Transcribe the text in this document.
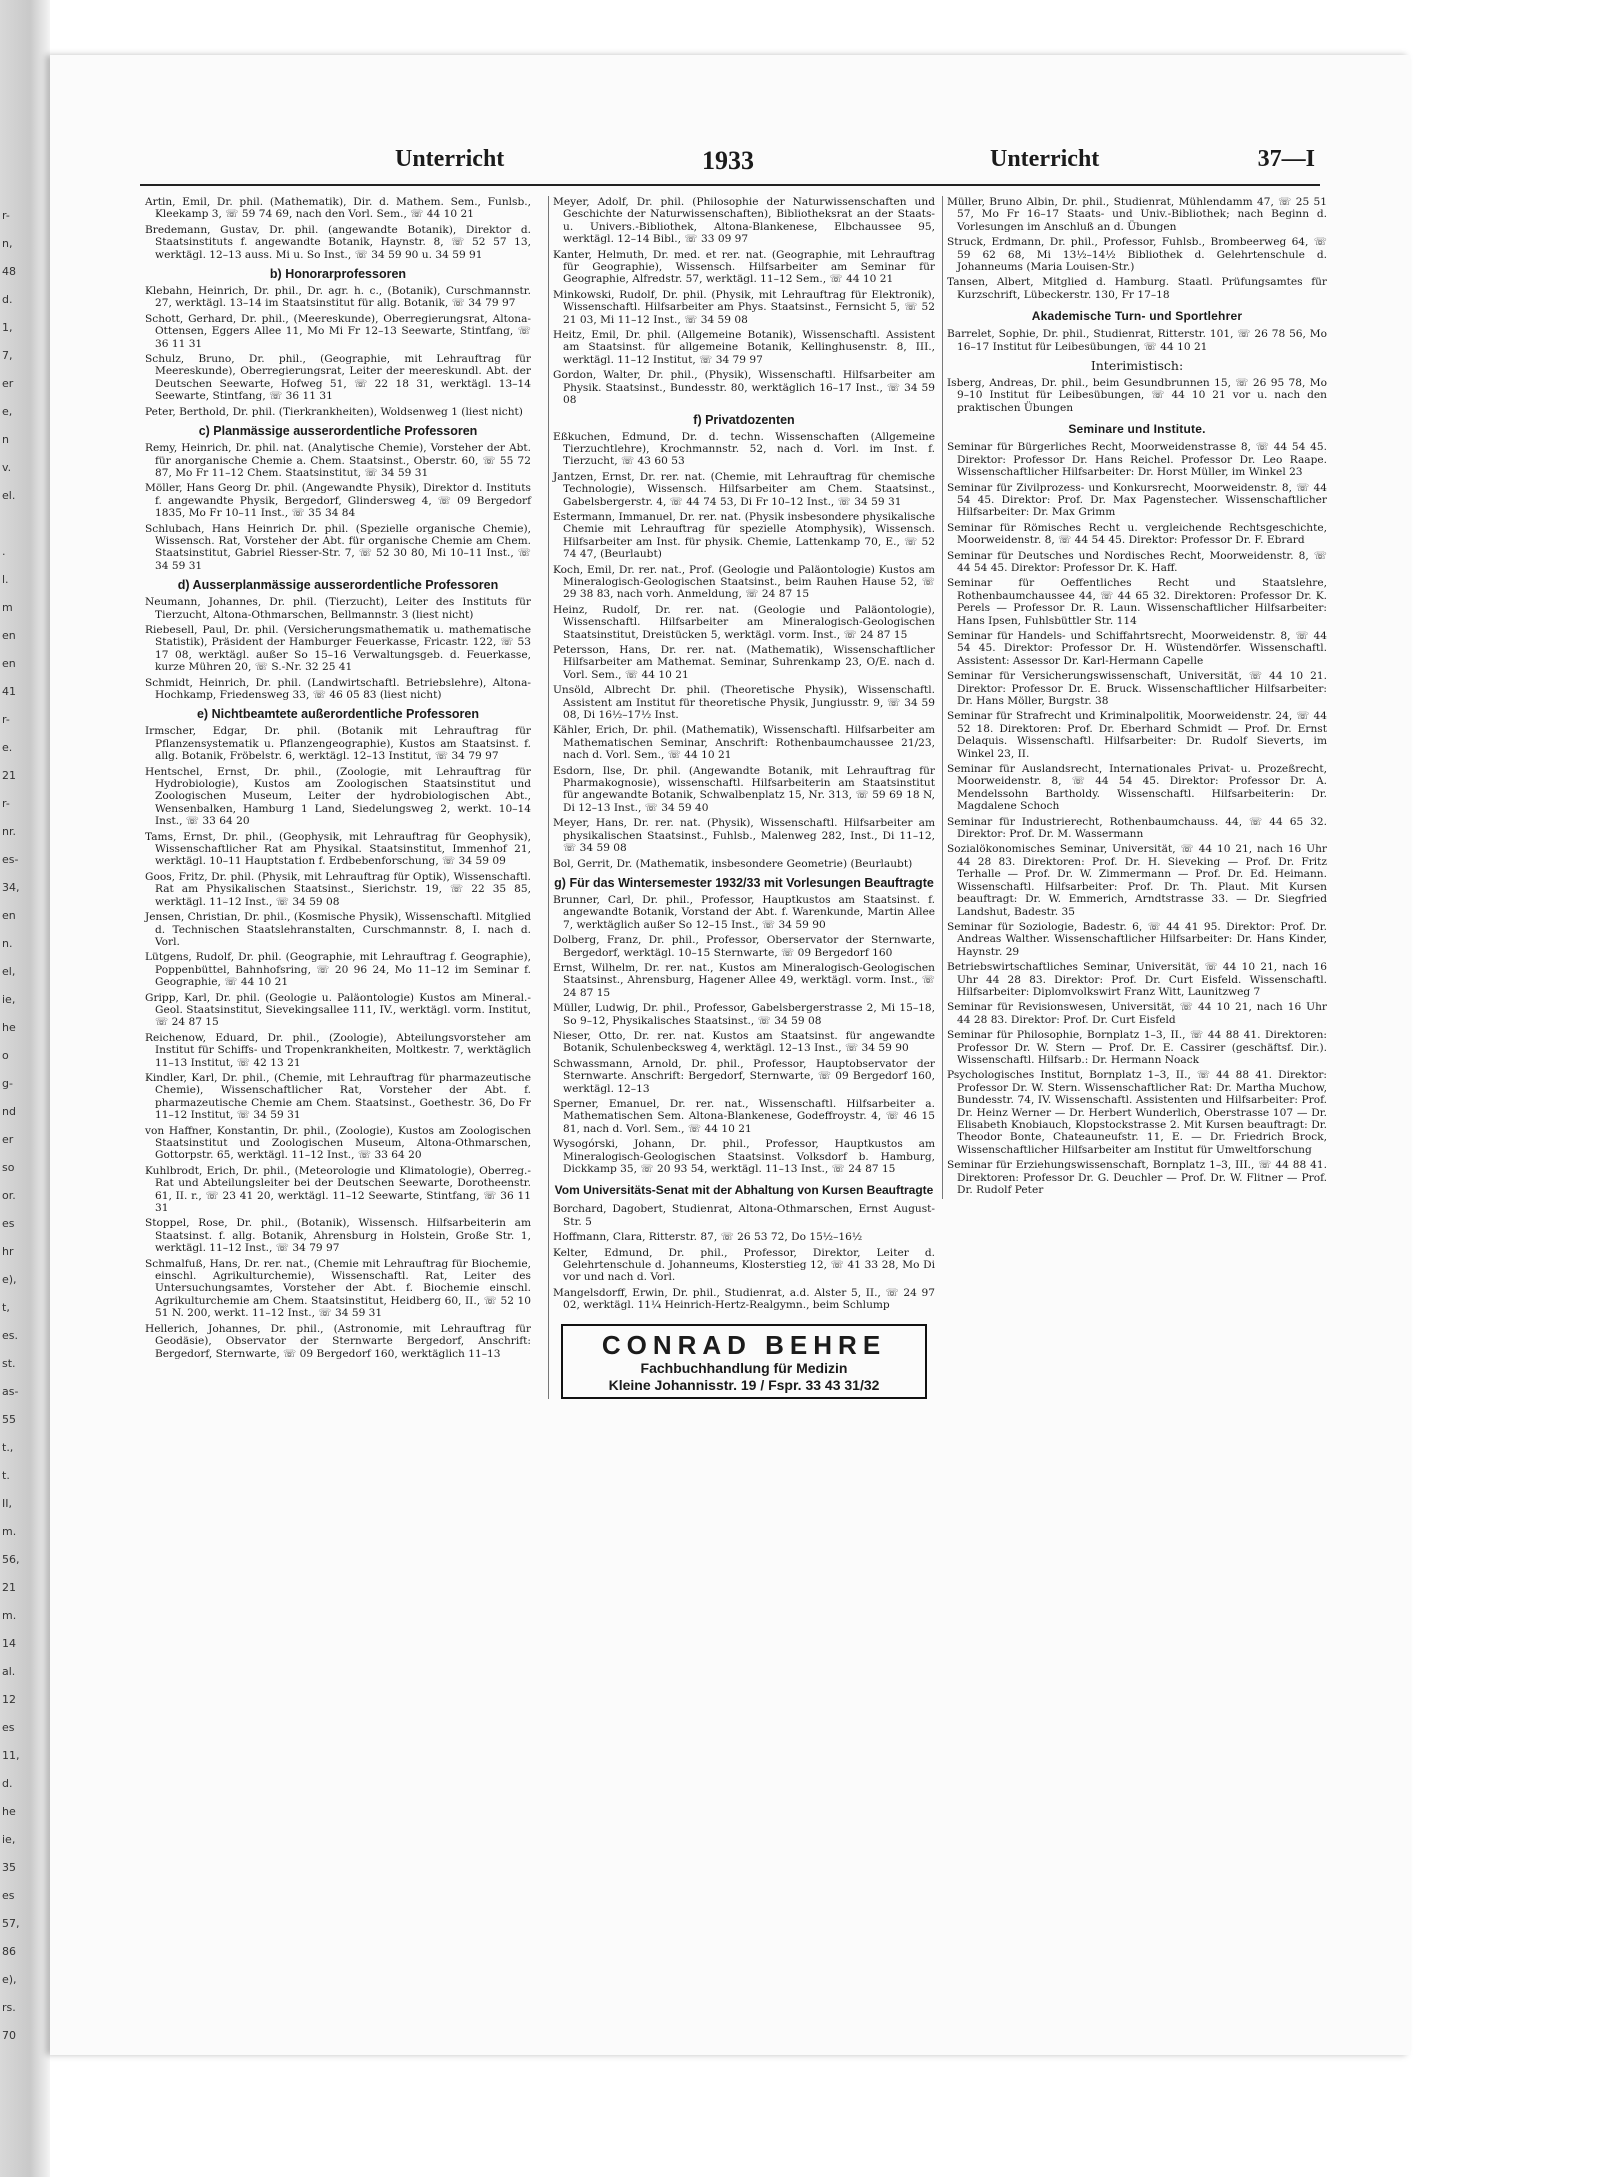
r-
n,
48
d.
1,
7,
er
e,
n
v.
el.
.
l.
m
en
en
41
r-
e.
21
r-
nr.
es-
34,
en
n.
el,
ie,
he
o
g-
nd
er
so
or.
es
hr
e),
t,
es.
st.
as-
55
t.,
t.
II,
m.
56,
21
m.
14
al.
12
es
11,
d.
he
ie,
35
es
57,
86
e),
rs.
70
Unterricht	1933	Unterricht	37—I
Artin, Emil, Dr. phil. (Mathematik), Dir. d. Mathem. Sem., Funlsb., Kleekamp 3, ☏ 59 74 69, nach den Vorl. Sem., ☏ 44 10 21
Bredemann, Gustav, Dr. phil. (angewandte Botanik), Direktor d. Staatsinstituts f. angewandte Botanik, Haynstr. 8, ☏ 52 57 13, werktägl. 12–13 auss. Mi u. So Inst., ☏ 34 59 90 u. 34 59 91
b) Honorarprofessoren
Klebahn, Heinrich, Dr. phil., Dr. agr. h. c., (Botanik), Curschmannstr. 27, werktägl. 13–14 im Staatsinstitut für allg. Botanik, ☏ 34 79 97
Schott, Gerhard, Dr. phil., (Meereskunde), Oberregierungsrat, Altona-Ottensen, Eggers Allee 11, Mo Mi Fr 12–13 Seewarte, Stintfang, ☏ 36 11 31
Schulz, Bruno, Dr. phil., (Geographie, mit Lehrauftrag für Meereskunde), Oberregierungsrat, Leiter der meereskundl. Abt. der Deutschen Seewarte, Hofweg 51, ☏ 22 18 31, werktägl. 13–14 Seewarte, Stintfang, ☏ 36 11 31
Peter, Berthold, Dr. phil. (Tierkrankheiten), Woldsenweg 1 (liest nicht)
c) Planmässige ausserordentliche Professoren
Remy, Heinrich, Dr. phil. nat. (Analytische Chemie), Vorsteher der Abt. für anorganische Chemie a. Chem. Staatsinst., Oberstr. 60, ☏ 55 72 87, Mo Fr 11–12 Chem. Staatsinstitut, ☏ 34 59 31
Möller, Hans Georg Dr. phil. (Angewandte Physik), Direktor d. Instituts f. angewandte Physik, Bergedorf, Glindersweg 4, ☏ 09 Bergedorf 1835, Mo Fr 10–11 Inst., ☏ 35 34 84
Schlubach, Hans Heinrich Dr. phil. (Spezielle organische Chemie), Wissensch. Rat, Vorsteher der Abt. für organische Chemie am Chem. Staatsinstitut, Gabriel Riesser-Str. 7, ☏ 52 30 80, Mi 10–11 Inst., ☏ 34 59 31
d) Ausserplanmässige ausserordentliche Professoren
Neumann, Johannes, Dr. phil. (Tierzucht), Leiter des Instituts für Tierzucht, Altona-Othmarschen, Bellmannstr. 3 (liest nicht)
Riebesell, Paul, Dr. phil. (Versicherungsmathematik u. mathematische Statistik), Präsident der Hamburger Feuerkasse, Fricastr. 122, ☏ 53 17 08, werktägl. außer So 15–16 Verwaltungsgeb. d. Feuerkasse, kurze Mühren 20, ☏ S.-Nr. 32 25 41
Schmidt, Heinrich, Dr. phil. (Landwirtschaftl. Betriebslehre), Altona-Hochkamp, Friedensweg 33, ☏ 46 05 83 (liest nicht)
e) Nichtbeamtete außerordentliche Professoren
Irmscher, Edgar, Dr. phil. (Botanik mit Lehrauftrag für Pflanzensystematik u. Pflanzengeographie), Kustos am Staatsinst. f. allg. Botanik, Fröbelstr. 6, werktägl. 12–13 Institut, ☏ 34 79 97
Hentschel, Ernst, Dr. phil., (Zoologie, mit Lehrauftrag für Hydrobiologie), Kustos am Zoologischen Staatsinstitut und Zoologischen Museum, Leiter der hydrobiologischen Abt., Wensenbalken, Hamburg 1 Land, Siedelungsweg 2, werkt. 10–14 Inst., ☏ 33 64 20
Tams, Ernst, Dr. phil., (Geophysik, mit Lehrauftrag für Geophysik), Wissenschaftlicher Rat am Physikal. Staatsinstitut, Immenhof 21, werktägl. 10–11 Hauptstation f. Erdbebenforschung, ☏ 34 59 09
Goos, Fritz, Dr. phil. (Physik, mit Lehrauftrag für Optik), Wissenschaftl. Rat am Physikalischen Staatsinst., Sierichstr. 19, ☏ 22 35 85, werktägl. 11–12 Inst., ☏ 34 59 08
Jensen, Christian, Dr. phil., (Kosmische Physik), Wissenschaftl. Mitglied d. Technischen Staatslehranstalten, Curschmannstr. 8, I. nach d. Vorl.
Lütgens, Rudolf, Dr. phil. (Geographie, mit Lehrauftrag f. Geographie), Poppenbüttel, Bahnhofsring, ☏ 20 96 24, Mo 11–12 im Seminar f. Geographie, ☏ 44 10 21
Gripp, Karl, Dr. phil. (Geologie u. Paläontologie) Kustos am Mineral.-Geol. Staatsinstitut, Sievekingsallee 111, IV., werktägl. vorm. Institut, ☏ 24 87 15
Reichenow, Eduard, Dr. phil., (Zoologie), Abteilungsvorsteher am Institut für Schiffs- und Tropenkrankheiten, Moltkestr. 7, werktäglich 11–13 Institut, ☏ 42 13 21
Kindler, Karl, Dr. phil., (Chemie, mit Lehrauftrag für pharmazeutische Chemie), Wissenschaftlicher Rat, Vorsteher der Abt. f. pharmazeutische Chemie am Chem. Staatsinst., Goethestr. 36, Do Fr 11–12 Institut, ☏ 34 59 31
von Haffner, Konstantin, Dr. phil., (Zoologie), Kustos am Zoologischen Staatsinstitut und Zoologischen Museum, Altona-Othmarschen, Gottorpstr. 65, werktägl. 11–12 Inst., ☏ 33 64 20
Kuhlbrodt, Erich, Dr. phil., (Meteorologie und Klimatologie), Oberreg.-Rat und Abteilungsleiter bei der Deutschen Seewarte, Dorotheenstr. 61, II. r., ☏ 23 41 20, werktägl. 11–12 Seewarte, Stintfang, ☏ 36 11 31
Stoppel, Rose, Dr. phil., (Botanik), Wissensch. Hilfsarbeiterin am Staatsinst. f. allg. Botanik, Ahrensburg in Holstein, Große Str. 1, werktägl. 11–12 Inst., ☏ 34 79 97
Schmalfuß, Hans, Dr. rer. nat., (Chemie mit Lehrauftrag für Biochemie, einschl. Agrikulturchemie), Wissenschaftl. Rat, Leiter des Untersuchungsamtes, Vorsteher der Abt. f. Biochemie einschl. Agrikulturchemie am Chem. Staatsinstitut, Heidberg 60, II., ☏ 52 10 51 N. 200, werkt. 11–12 Inst., ☏ 34 59 31
Hellerich, Johannes, Dr. phil., (Astronomie, mit Lehrauftrag für Geodäsie), Observator der Sternwarte Bergedorf, Anschrift: Bergedorf, Sternwarte, ☏ 09 Bergedorf 160, werktäglich 11–13
Meyer, Adolf, Dr. phil. (Philosophie der Naturwissenschaften und Geschichte der Naturwissenschaften), Bibliotheksrat an der Staats- u. Univers.-Bibliothek, Altona-Blankenese, Elbchaussee 95, werktägl. 12–14 Bibl., ☏ 33 09 97
Kanter, Helmuth, Dr. med. et rer. nat. (Geographie, mit Lehrauftrag für Geographie), Wissensch. Hilfsarbeiter am Seminar für Geographie, Alfredstr. 57, werktägl. 11–12 Sem., ☏ 44 10 21
Minkowski, Rudolf, Dr. phil. (Physik, mit Lehrauftrag für Elektronik), Wissenschaftl. Hilfsarbeiter am Phys. Staatsinst., Fernsicht 5, ☏ 52 21 03, Mi 11–12 Inst., ☏ 34 59 08
Heitz, Emil, Dr. phil. (Allgemeine Botanik), Wissenschaftl. Assistent am Staatsinst. für allgemeine Botanik, Kellinghusenstr. 8, III., werktägl. 11–12 Institut, ☏ 34 79 97
Gordon, Walter, Dr. phil., (Physik), Wissenschaftl. Hilfsarbeiter am Physik. Staatsinst., Bundesstr. 80, werktäglich 16–17 Inst., ☏ 34 59 08
f) Privatdozenten
Eßkuchen, Edmund, Dr. d. techn. Wissenschaften (Allgemeine Tierzuchtlehre), Krochmannstr. 52, nach d. Vorl. im Inst. f. Tierzucht, ☏ 43 60 53
Jantzen, Ernst, Dr. rer. nat. (Chemie, mit Lehrauftrag für chemische Technologie), Wissensch. Hilfsarbeiter am Chem. Staatsinst., Gabelsbergerstr. 4, ☏ 44 74 53, Di Fr 10–12 Inst., ☏ 34 59 31
Estermann, Immanuel, Dr. rer. nat. (Physik insbesondere physikalische Chemie mit Lehrauftrag für spezielle Atomphysik), Wissensch. Hilfsarbeiter am Inst. für physik. Chemie, Lattenkamp 70, E., ☏ 52 74 47, (Beurlaubt)
Koch, Emil, Dr. rer. nat., Prof. (Geologie und Paläontologie) Kustos am Mineralogisch-Geologischen Staatsinst., beim Rauhen Hause 52, ☏ 29 38 83, nach vorh. Anmeldung, ☏ 24 87 15
Heinz, Rudolf, Dr. rer. nat. (Geologie und Paläontologie), Wissenschaftl. Hilfsarbeiter am Mineralogisch-Geologischen Staatsinstitut, Dreistücken 5, werktägl. vorm. Inst., ☏ 24 87 15
Petersson, Hans, Dr. rer. nat. (Mathematik), Wissenschaftlicher Hilfsarbeiter am Mathemat. Seminar, Suhrenkamp 23, O/E. nach d. Vorl. Sem., ☏ 44 10 21
Unsöld, Albrecht Dr. phil. (Theoretische Physik), Wissenschaftl. Assistent am Institut für theoretische Physik, Jungiusstr. 9, ☏ 34 59 08, Di 16½–17½ Inst.
Kähler, Erich, Dr. phil. (Mathematik), Wissenschaftl. Hilfsarbeiter am Mathematischen Seminar, Anschrift: Rothenbaumchaussee 21/23, nach d. Vorl. Sem., ☏ 44 10 21
Esdorn, Ilse, Dr. phil. (Angewandte Botanik, mit Lehrauftrag für Pharmakognosie), wissenschaftl. Hilfsarbeiterin am Staatsinstitut für angewandte Botanik, Schwalbenplatz 15, Nr. 313, ☏ 59 69 18 N, Di 12–13 Inst., ☏ 34 59 40
Meyer, Hans, Dr. rer. nat. (Physik), Wissenschaftl. Hilfsarbeiter am physikalischen Staatsinst., Fuhlsb., Malenweg 282, Inst., Di 11–12, ☏ 34 59 08
Bol, Gerrit, Dr. (Mathematik, insbesondere Geometrie) (Beurlaubt)
g) Für das Wintersemester 1932/33 mit Vorlesungen Beauftragte
Brunner, Carl, Dr. phil., Professor, Hauptkustos am Staatsinst. f. angewandte Botanik, Vorstand der Abt. f. Warenkunde, Martin Allee 7, werktäglich außer So 12–15 Inst., ☏ 34 59 90
Dolberg, Franz, Dr. phil., Professor, Oberservator der Sternwarte, Bergedorf, werktägl. 10–15 Sternwarte, ☏ 09 Bergedorf 160
Ernst, Wilhelm, Dr. rer. nat., Kustos am Mineralogisch-Geologischen Staatsinst., Ahrensburg, Hagener Allee 49, werktägl. vorm. Inst., ☏ 24 87 15
Müller, Ludwig, Dr. phil., Professor, Gabelsbergerstrasse 2, Mi 15–18, So 9–12, Physikalisches Staatsinst., ☏ 34 59 08
Nieser, Otto, Dr. rer. nat. Kustos am Staatsinst. für angewandte Botanik, Schulenbecksweg 4, werktägl. 12–13 Inst., ☏ 34 59 90
Schwassmann, Arnold, Dr. phil., Professor, Hauptobservator der Sternwarte. Anschrift: Bergedorf, Sternwarte, ☏ 09 Bergedorf 160, werktägl. 12–13
Sperner, Emanuel, Dr. rer. nat., Wissenschaftl. Hilfsarbeiter a. Mathematischen Sem. Altona-Blankenese, Godeffroystr. 4, ☏ 46 15 81, nach d. Vorl. Sem., ☏ 44 10 21
Wysogórski, Johann, Dr. phil., Professor, Hauptkustos am Mineralogisch-Geologischen Staatsinst. Volksdorf b. Hamburg, Dickkamp 35, ☏ 20 93 54, werktägl. 11–13 Inst., ☏ 24 87 15
Vom Universitäts-Senat mit der Abhaltung von Kursen Beauftragte
Borchard, Dagobert, Studienrat, Altona-Othmarschen, Ernst August-Str. 5
Hoffmann, Clara, Ritterstr. 87, ☏ 26 53 72, Do 15½–16½
Kelter, Edmund, Dr. phil., Professor, Direktor, Leiter d. Gelehrtenschule d. Johanneums, Klosterstieg 12, ☏ 41 33 28, Mo Di vor und nach d. Vorl.
Mangelsdorff, Erwin, Dr. phil., Studienrat, a.d. Alster 5, II., ☏ 24 97 02, werktägl. 11¼ Heinrich-Hertz-Realgymn., beim Schlump
CONRAD BEHRE
Fachbuchhandlung für Medizin
Kleine Johannisstr. 19 / Fspr. 33 43 31/32
Müller, Bruno Albin, Dr. phil., Studienrat, Mühlendamm 47, ☏ 25 51 57, Mo Fr 16–17 Staats- und Univ.-Bibliothek; nach Beginn d. Vorlesungen im Anschluß an d. Übungen
Struck, Erdmann, Dr. phil., Professor, Fuhlsb., Brombeerweg 64, ☏ 59 62 68, Mi 13½–14½ Bibliothek d. Gelehrtenschule d. Johanneums (Maria Louisen-Str.)
Tansen, Albert, Mitglied d. Hamburg. Staatl. Prüfungsamtes für Kurzschrift, Lübeckerstr. 130, Fr 17–18
Akademische Turn- und Sportlehrer
Barrelet, Sophie, Dr. phil., Studienrat, Ritterstr. 101, ☏ 26 78 56, Mo 16–17 Institut für Leibesübungen, ☏ 44 10 21
Interimistisch:
Isberg, Andreas, Dr. phil., beim Gesundbrunnen 15, ☏ 26 95 78, Mo 9–10 Institut für Leibesübungen, ☏ 44 10 21 vor u. nach den praktischen Übungen
Seminare und Institute.
Seminar für Bürgerliches Recht, Moorweidenstrasse 8, ☏ 44 54 45. Direktor: Professor Dr. Hans Reichel. Professor Dr. Leo Raape. Wissenschaftlicher Hilfsarbeiter: Dr. Horst Müller, im Winkel 23
Seminar für Zivilprozess- und Konkursrecht, Moorweidenstr. 8, ☏ 44 54 45. Direktor: Prof. Dr. Max Pagenstecher. Wissenschaftlicher Hilfsarbeiter: Dr. Max Grimm
Seminar für Römisches Recht u. vergleichende Rechtsgeschichte, Moorweidenstr. 8, ☏ 44 54 45. Direktor: Professor Dr. F. Ebrard
Seminar für Deutsches und Nordisches Recht, Moorweidenstr. 8, ☏ 44 54 45. Direktor: Professor Dr. K. Haff.
Seminar für Oeffentliches Recht und Staatslehre, Rothenbaumchaussee 44, ☏ 44 65 32. Direktoren: Professor Dr. K. Perels — Professor Dr. R. Laun. Wissenschaftlicher Hilfsarbeiter: Hans Ipsen, Fuhlsbüttler Str. 114
Seminar für Handels- und Schiffahrtsrecht, Moorweidenstr. 8, ☏ 44 54 45. Direktor: Professor Dr. H. Wüstendörfer. Wissenschaftl. Assistent: Assessor Dr. Karl-Hermann Capelle
Seminar für Versicherungswissenschaft, Universität, ☏ 44 10 21. Direktor: Professor Dr. E. Bruck. Wissenschaftlicher Hilfsarbeiter: Dr. Hans Möller, Burgstr. 38
Seminar für Strafrecht und Kriminalpolitik, Moorweidenstr. 24, ☏ 44 52 18. Direktoren: Prof. Dr. Eberhard Schmidt — Prof. Dr. Ernst Delaquis. Wissenschaftl. Hilfsarbeiter: Dr. Rudolf Sieverts, im Winkel 23, II.
Seminar für Auslandsrecht, Internationales Privat- u. Prozeßrecht, Moorweidenstr. 8, ☏ 44 54 45. Direktor: Professor Dr. A. Mendelssohn Bartholdy. Wissenschaftl. Hilfsarbeiterin: Dr. Magdalene Schoch
Seminar für Industrierecht, Rothenbaumchauss. 44, ☏ 44 65 32. Direktor: Prof. Dr. M. Wassermann
Sozialökonomisches Seminar, Universität, ☏ 44 10 21, nach 16 Uhr 44 28 83. Direktoren: Prof. Dr. H. Sieveking — Prof. Dr. Fritz Terhalle — Prof. Dr. W. Zimmermann — Prof. Dr. Ed. Heimann. Wissenschaftl. Hilfsarbeiter: Prof. Dr. Th. Plaut. Mit Kursen beauftragt: Dr. W. Emmerich, Arndtstrasse 33. — Dr. Siegfried Landshut, Badestr. 35
Seminar für Soziologie, Badestr. 6, ☏ 44 41 95. Direktor: Prof. Dr. Andreas Walther. Wissenschaftlicher Hilfsarbeiter: Dr. Hans Kinder, Haynstr. 29
Betriebswirtschaftliches Seminar, Universität, ☏ 44 10 21, nach 16 Uhr 44 28 83. Direktor: Prof. Dr. Curt Eisfeld. Wissenschaftl. Hilfsarbeiter: Diplomvolkswirt Franz Witt, Launitzweg 7
Seminar für Revisionswesen, Universität, ☏ 44 10 21, nach 16 Uhr 44 28 83. Direktor: Prof. Dr. Curt Eisfeld
Seminar für Philosophie, Bornplatz 1–3, II., ☏ 44 88 41. Direktoren: Professor Dr. W. Stern — Prof. Dr. E. Cassirer (geschäftsf. Dir.). Wissenschaftl. Hilfsarb.: Dr. Hermann Noack
Psychologisches Institut, Bornplatz 1–3, II., ☏ 44 88 41. Direktor: Professor Dr. W. Stern. Wissenschaftlicher Rat: Dr. Martha Muchow, Bundesstr. 74, IV. Wissenschaftl. Assistenten und Hilfsarbeiter: Prof. Dr. Heinz Werner — Dr. Herbert Wunderlich, Oberstrasse 107 — Dr. Elisabeth Knobiauch, Klopstockstrasse 2. Mit Kursen beauftragt: Dr. Theodor Bonte, Chateauneufstr. 11, E. — Dr. Friedrich Brock, Wissenschaftlicher Hilfsarbeiter am Institut für Umweltforschung
Seminar für Erziehungswissenschaft, Bornplatz 1–3, III., ☏ 44 88 41. Direktoren: Professor Dr. G. Deuchler — Prof. Dr. W. Flitner — Prof. Dr. Rudolf Peter
